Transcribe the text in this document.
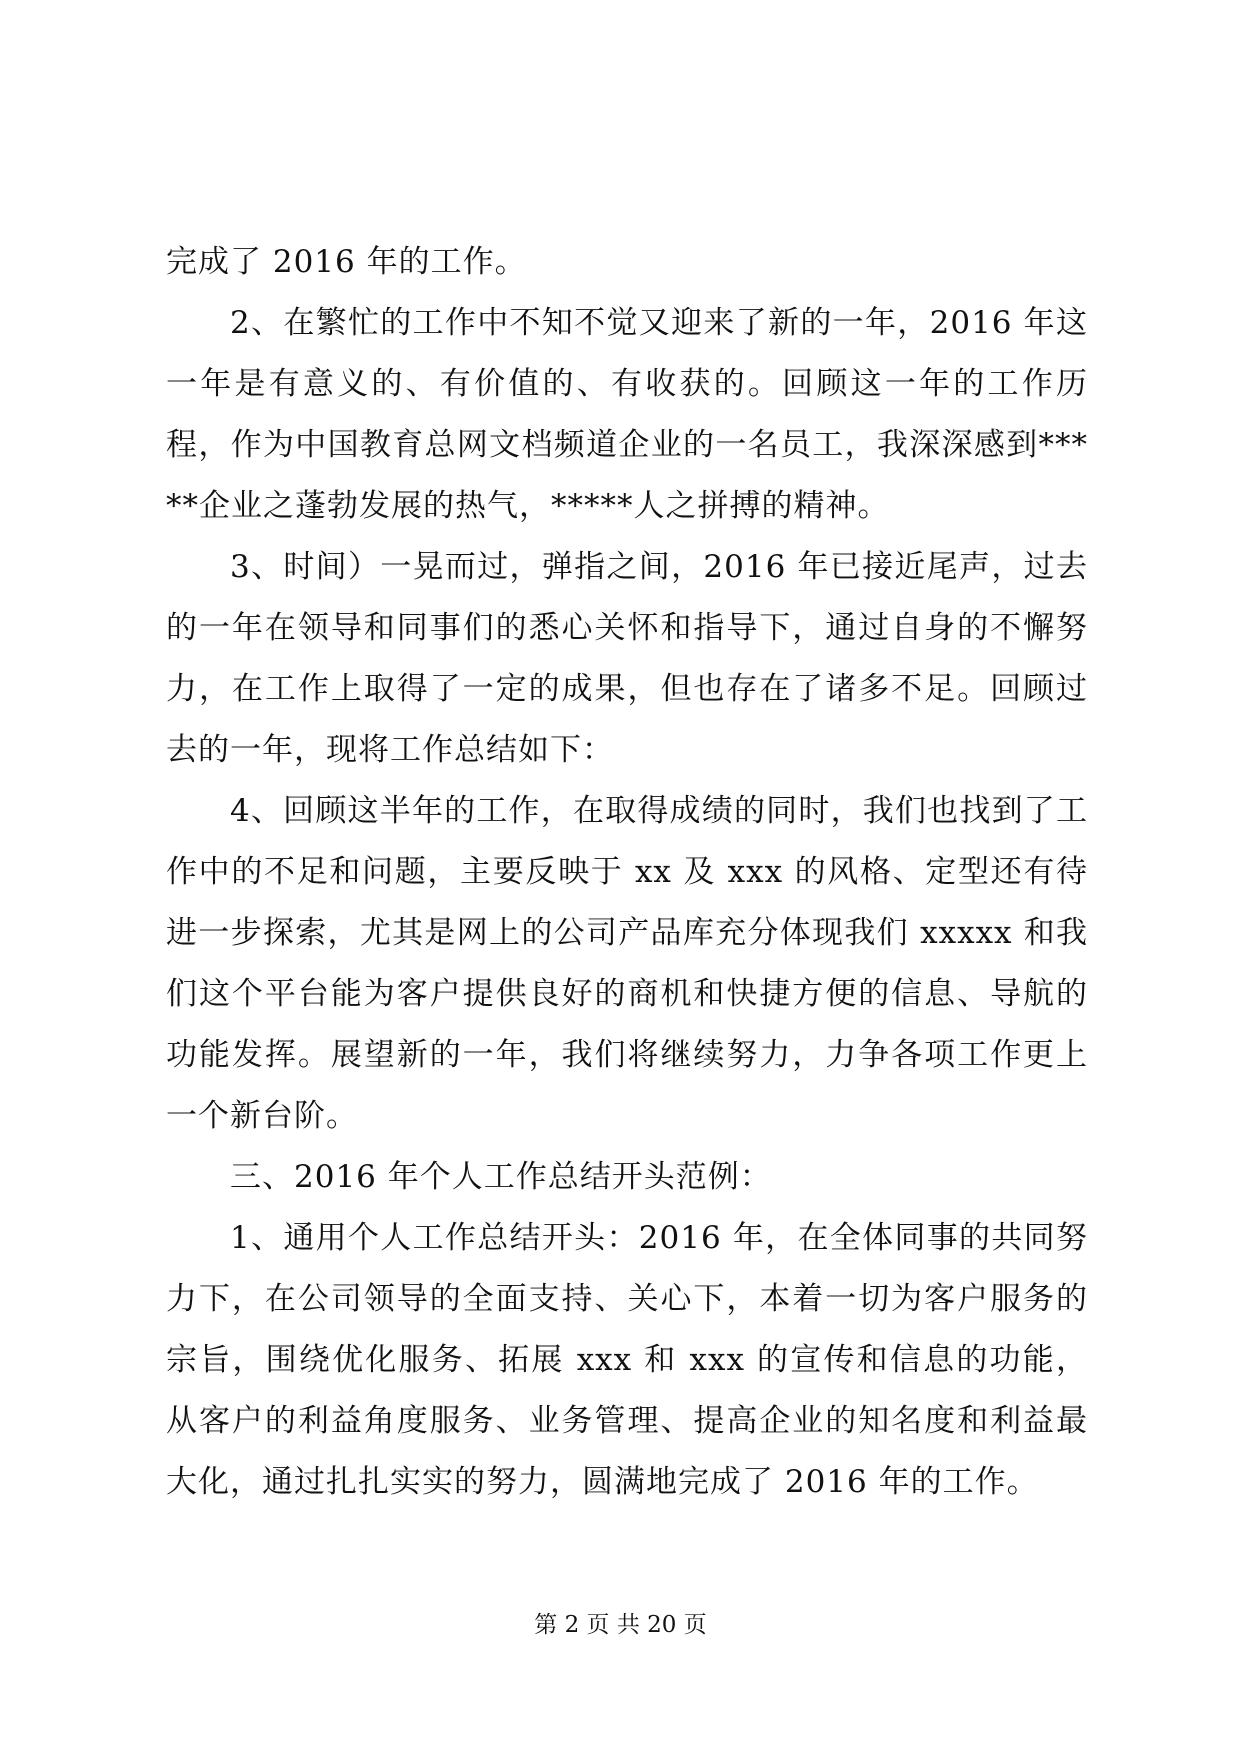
完成了 2016 年的工作。

2、在繁忙的工作中不知不觉又迎来了新的一年，2016 年这一年是有意义的、有价值的、有收获的。回顾这一年的工作历程，作为中国教育总网文档频道企业的一名员工，我深深感到*****企业之蓬勃发展的热气，*****人之拼搏的精神。

3、时间）一晃而过，弹指之间，2016 年已接近尾声，过去的一年在领导和同事们的悉心关怀和指导下，通过自身的不懈努力，在工作上取得了一定的成果，但也存在了诸多不足。回顾过去的一年，现将工作总结如下：

4、回顾这半年的工作，在取得成绩的同时，我们也找到了工作中的不足和问题，主要反映于 xx 及 xxx 的风格、定型还有待进一步探索，尤其是网上的公司产品库充分体现我们 xxxxx 和我们这个平台能为客户提供良好的商机和快捷方便的信息、导航的功能发挥。展望新的一年，我们将继续努力，力争各项工作更上一个新台阶。

三、2016 年个人工作总结开头范例：

1、通用个人工作总结开头：2016 年，在全体同事的共同努力下，在公司领导的全面支持、关心下，本着一切为客户服务的宗旨，围绕优化服务、拓展 xxx 和 xxx 的宣传和信息的功能，从客户的利益角度服务、业务管理、提高企业的知名度和利益最大化，通过扎扎实实的努力，圆满地完成了 2016 年的工作。

第 2 页 共 20 页
